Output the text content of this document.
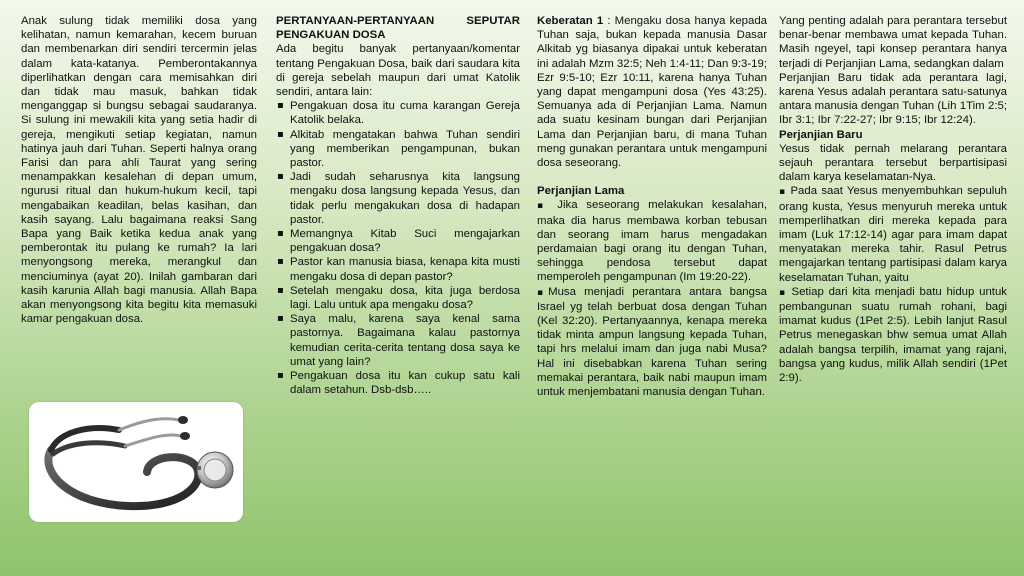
Anak sulung tidak memiliki dosa yang kelihatan, namun kemarahan, kecem buruan dan membenarkan diri sendiri tercermin jelas dalam kata-katanya. Pemberontakannya diperlihatkan dengan cara memisahkan diri dan tidak mau masuk, bahkan tidak menganggap si bungsu sebagai saudaranya. Si sulung ini mewakili kita yang setia hadir di gereja, mengikuti setiap kegiatan, namun hatinya jauh dari Tuhan. Seperti halnya orang Farisi dan para ahli Taurat yang sering menampakkan kesalehan di depan umum, ngurusi ritual dan hukum-hukum kecil, tapi mengabaikan keadilan, belas kasihan, dan kasih sayang. Lalu bagaimana reaksi Sang Bapa yang Baik ketika kedua anak yang pemberontak itu pulang ke rumah? Ia lari menyongsong mereka, merangkul dan menciuminya (ayat 20). Inilah gambaran dari kasih karunia Allah bagi manusia. Allah Bapa akan menyongsong kita begitu kita memasuki kamar pengakuan dosa.

PERTANYAAN-PERTANYAAN SEPUTAR PENGAKUAN DOSA

Ada begitu banyak pertanyaan/komentar tentang Pengakuan Dosa, baik dari saudara kita di gereja sebelah maupun dari umat Katolik sendiri, antara lain:

▪ Pengakuan dosa itu cuma karangan Gereja Katolik belaka.
▪ Alkitab mengatakan bahwa Tuhan sendiri yang memberikan pengampunan, bukan pastor.
▪ Jadi sudah seharusnya kita langsung mengaku dosa langsung kepada Yesus, dan tidak perlu mengakukan dosa di hadapan pastor.
▪ Memangnya Kitab Suci mengajarkan pengakuan dosa?
▪ Pastor kan manusia biasa, kenapa kita musti mengaku dosa di depan pastor?
▪ Setelah mengaku dosa, kita juga berdosa lagi. Lalu untuk apa mengaku dosa?
▪ Saya malu, karena saya kenal sama pastornya. Bagaimana kalau pastornya kemudian cerita-cerita tentang dosa saya ke umat yang lain?
▪ Pengakuan dosa itu kan cukup satu kali dalam setahun. Dsb-dsb…..

Keberatan 1 : Mengaku dosa hanya kepada Tuhan saja, bukan kepada manusia Dasar Alkitab yg biasanya dipakai untuk keberatan ini adalah Mzm 32:5; Neh 1:4-11; Dan 9:3-19; Ezr 9:5-10; Ezr 10:11, karena hanya Tuhan yang dapat mengampuni dosa (Yes 43:25). Semuanya ada di Perjanjian Lama. Namun ada suatu kesinam bungan dari Perjanjian Lama dan Perjanjian baru, di mana Tuhan meng gunakan perantara untuk mengampuni dosa seseorang.

Perjanjian Lama

▪ Jika seseorang melakukan kesalahan, maka dia harus membawa korban tebusan dan seorang imam harus mengadakan perdamaian bagi orang itu dengan Tuhan, sehingga pendosa tersebut dapat memperoleh pengampunan (Im 19:20-22).

▪Musa menjadi perantara antara bangsa Israel yg telah berbuat dosa dengan Tuhan (Kel 32:20). Pertanyaannya, kenapa mereka tidak minta ampun langsung kepada Tuhan, tapi hrs melalui imam dan juga nabi Musa? Hal ini disebabkan karena Tuhan sering memakai perantara, baik nabi maupun imam untuk menjembatani manusia dengan Tuhan.

Yang penting adalah para perantara tersebut benar-benar membawa umat kepada Tuhan. Masih ngeyel, tapi konsep perantara hanya terjadi di Perjanjian Lama, sedangkan dalam

Perjanjian Baru tidak ada perantara lagi, karena Yesus adalah perantara satu-satunya antara manusia dengan Tuhan (Lih 1Tim 2:5; Ibr 3:1; Ibr 7:22-27; Ibr 9:15; Ibr 12:24).

Perjanjian Baru

Yesus tidak pernah melarang perantara sejauh perantara tersebut berpartisipasi dalam karya keselamatan-Nya.

▪ Pada saat Yesus menyembuhkan sepuluh orang kusta, Yesus menyuruh mereka untuk memperlihatkan diri mereka kepada para imam (Luk 17:12-14) agar para imam dapat menyatakan mereka tahir. Rasul Petrus mengajarkan tentang partisipasi dalam karya keselamatan Tuhan, yaitu

▪ Setiap dari kita menjadi batu hidup untuk pembangunan suatu rumah rohani, bagi imamat kudus (1Pet 2:5). Lebih lanjut Rasul Petrus menegaskan bhw semua umat Allah adalah bangsa terpilih, imamat yang rajani, bangsa yang kudus, milik Allah sendiri (1Pet 2:9).
